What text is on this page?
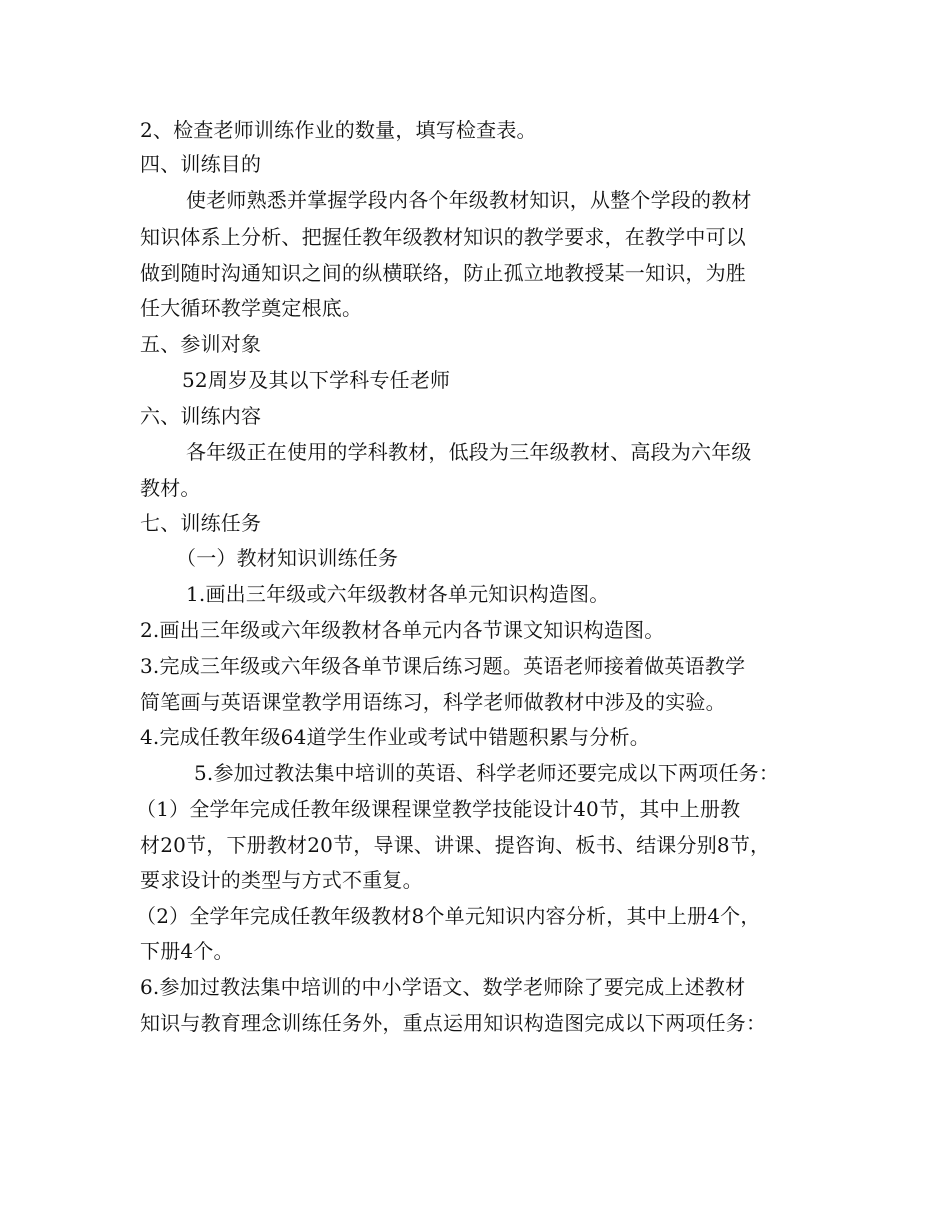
2、检查老师训练作业的数量，填写检查表。
四、训练目的
使老师熟悉并掌握学段内各个年级教材知识，从整个学段的教材
知识体系上分析、把握任教年级教材知识的教学要求，在教学中可以
做到随时沟通知识之间的纵横联络，防止孤立地教授某一知识，为胜
任大循环教学奠定根底。
五、参训对象
52周岁及其以下学科专任老师
六、训练内容
各年级正在使用的学科教材，低段为三年级教材、高段为六年级
教材。
七、训练任务
（一）教材知识训练任务
1.画出三年级或六年级教材各单元知识构造图。
2.画出三年级或六年级教材各单元内各节课文知识构造图。
3.完成三年级或六年级各单节课后练习题。英语老师接着做英语教学
简笔画与英语课堂教学用语练习，科学老师做教材中涉及的实验。
4.完成任教年级64道学生作业或考试中错题积累与分析。
5.参加过教法集中培训的英语、科学老师还要完成以下两项任务：
（1）全学年完成任教年级课程课堂教学技能设计40节，其中上册教
材20节，下册教材20节，导课、讲课、提咨询、板书、结课分别8节，
要求设计的类型与方式不重复。
（2）全学年完成任教年级教材8个单元知识内容分析，其中上册4个，
下册4个。
6.参加过教法集中培训的中小学语文、数学老师除了要完成上述教材
知识与教育理念训练任务外，重点运用知识构造图完成以下两项任务：
